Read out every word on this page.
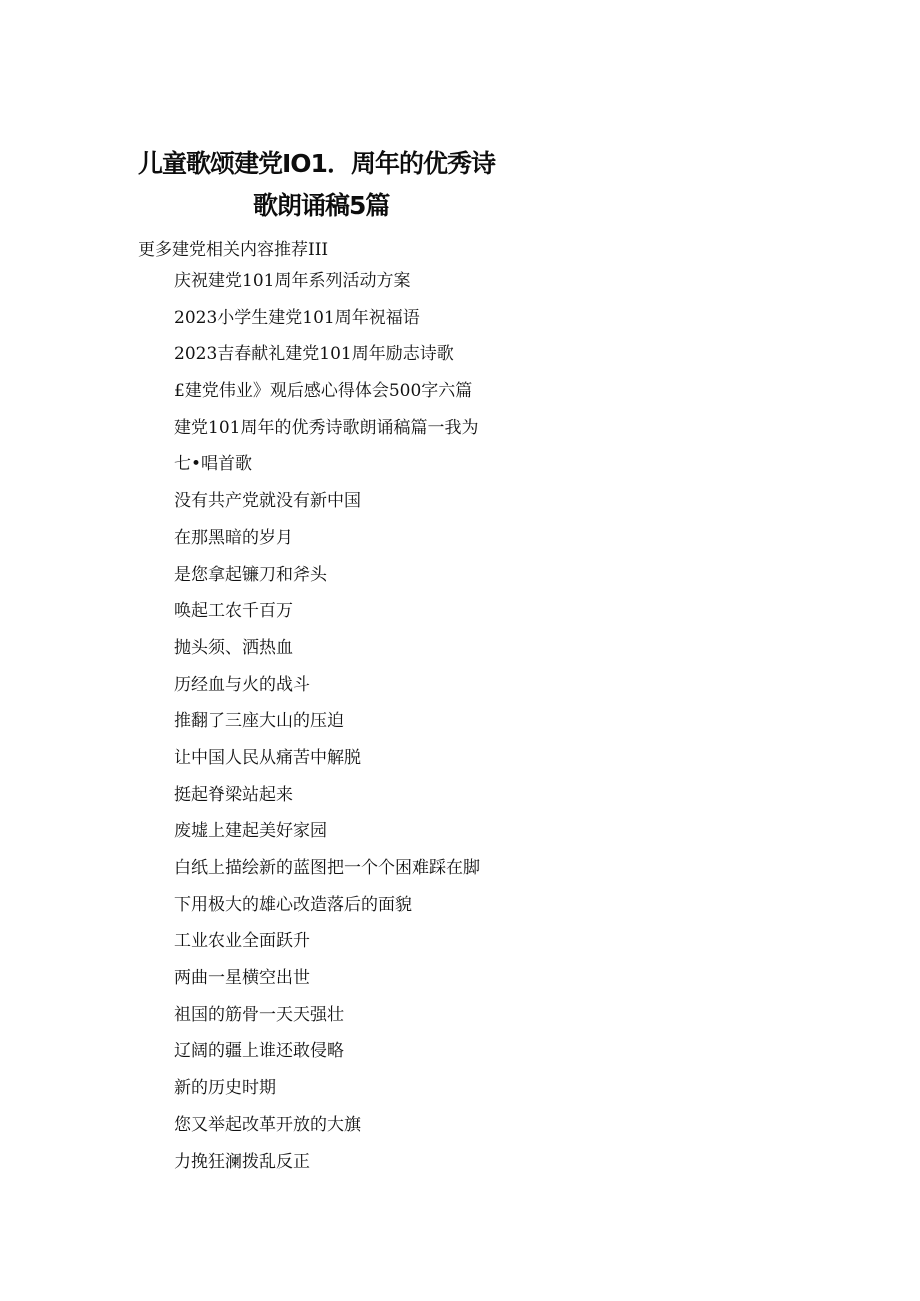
儿童歌颂建党IO1．周年的优秀诗
歌朗诵稿5篇
更多建党相关内容推荐III
庆祝建党101周年系列活动方案
2023小学生建党101周年祝福语
2023吉春献礼建党101周年励志诗歌
£建党伟业》观后感心得体会500字六篇
建党101周年的优秀诗歌朗诵稿篇一我为
七•唱首歌
没有共产党就没有新中国
在那黑暗的岁月
是您拿起镰刀和斧头
唤起工农千百万
抛头须、洒热血
历经血与火的战斗
推翻了三座大山的压迫
让中国人民从痛苦中解脱
挺起脊梁站起来
废墟上建起美好家园
白纸上描绘新的蓝图把一个个困难踩在脚
下用极大的雄心改造落后的面貌
工业农业全面跃升
两曲一星横空出世
祖国的筋骨一天天强壮
辽阔的疆上谁还敢侵略
新的历史时期
您又举起改革开放的大旗
力挽狂澜拨乱反正
